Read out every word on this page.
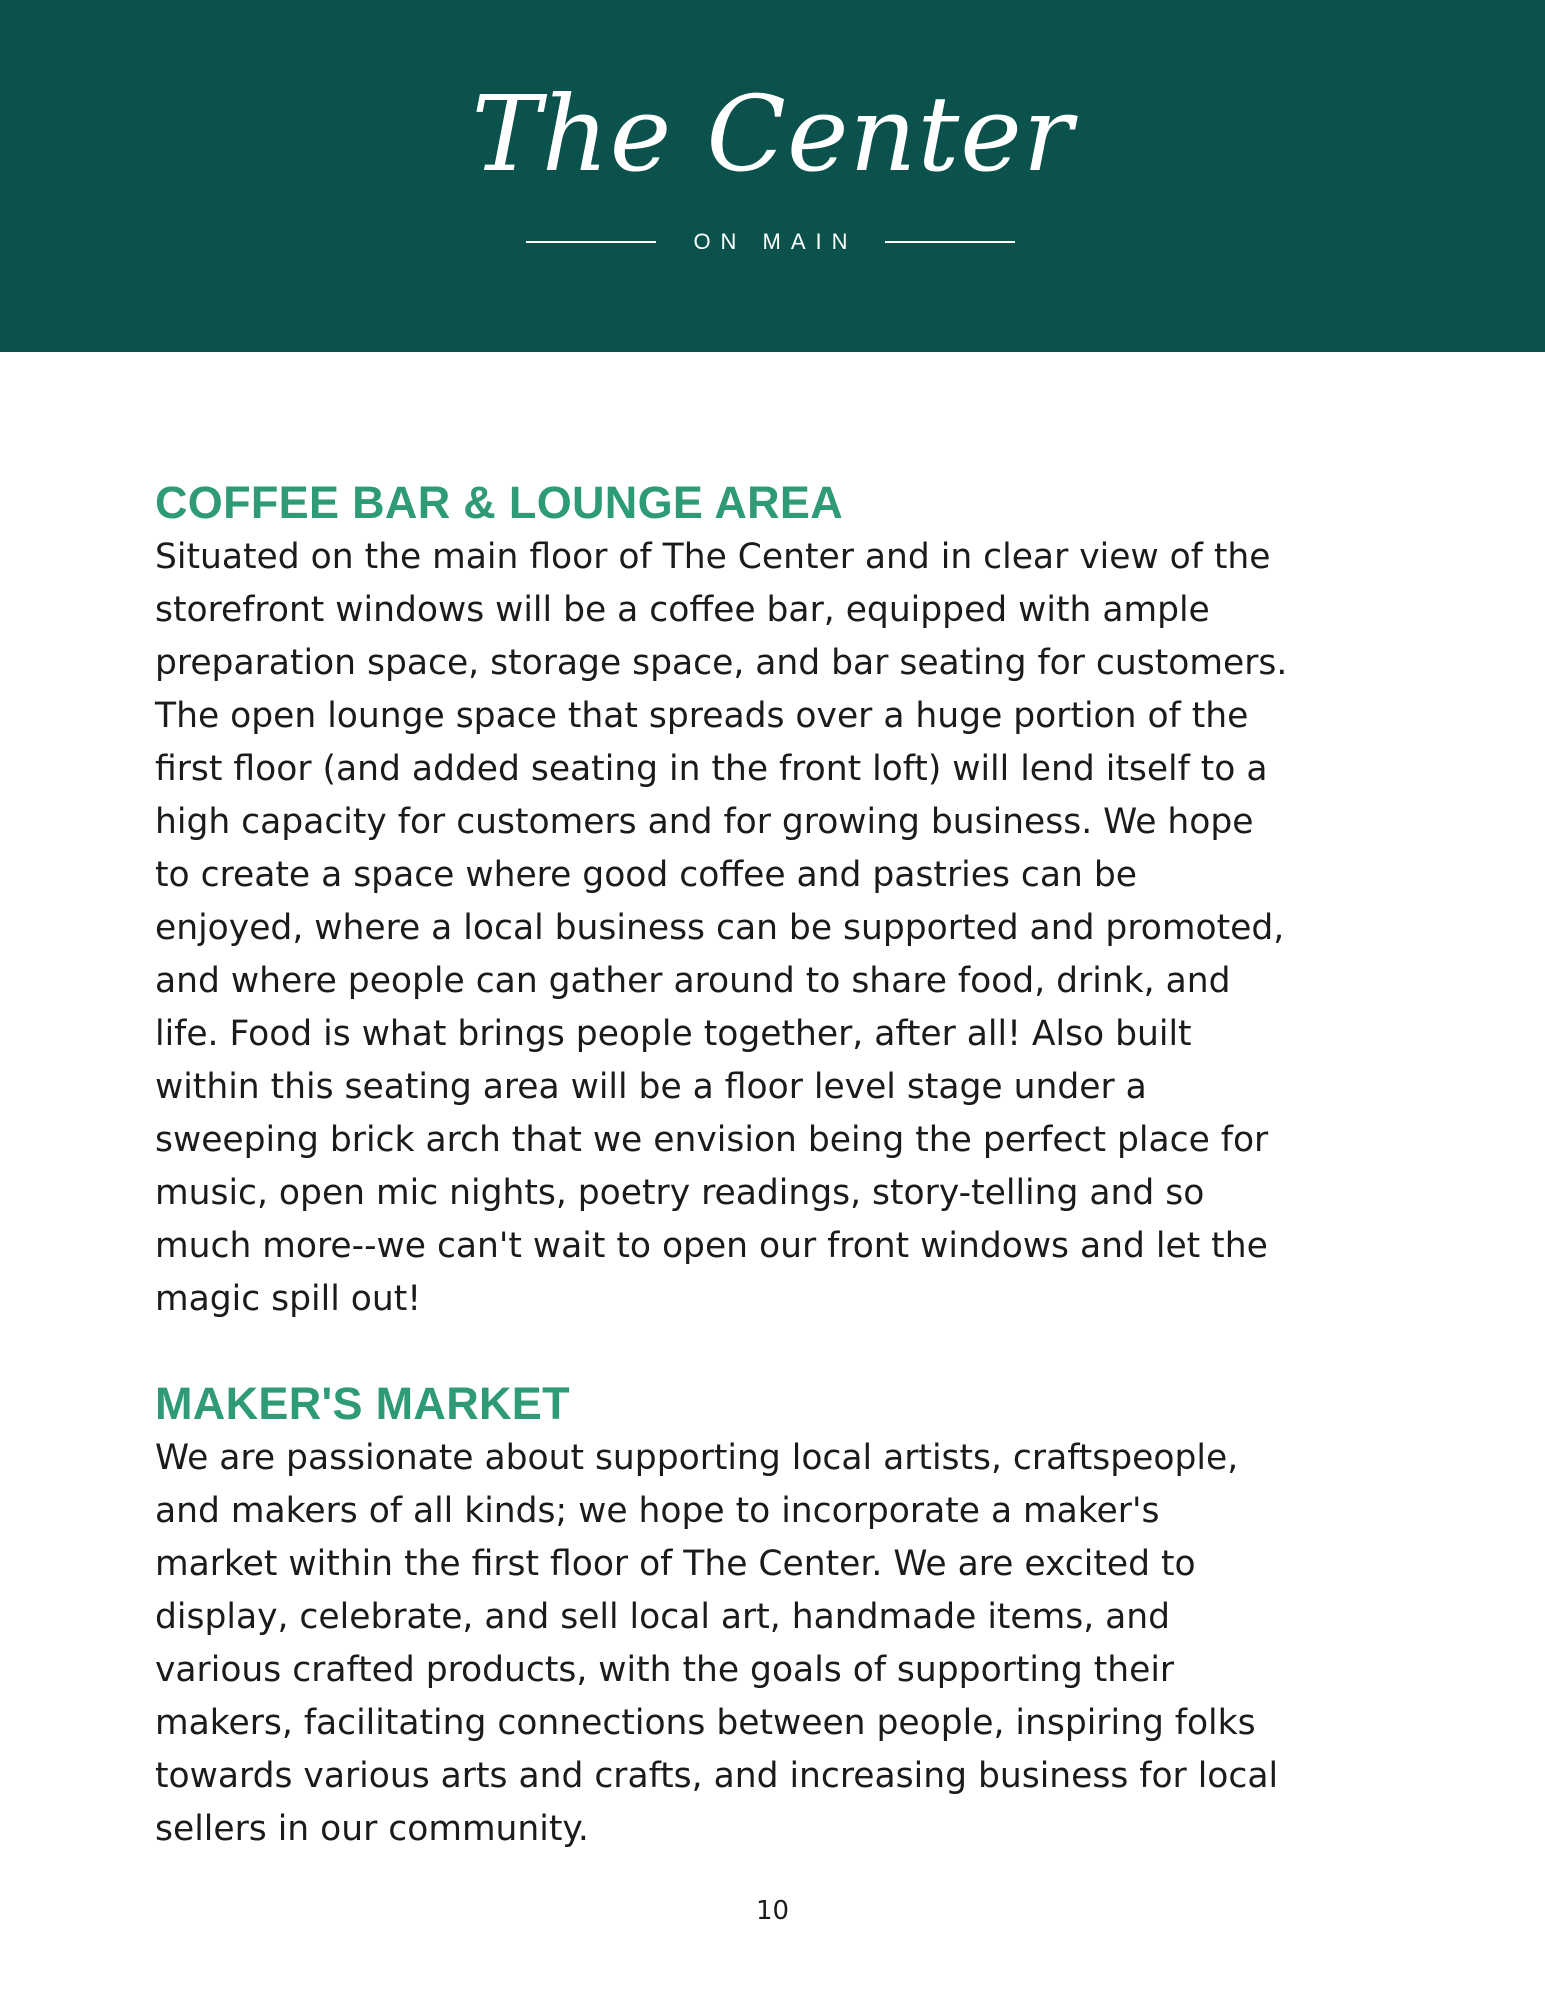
The Center
ON MAIN
COFFEE BAR & LOUNGE AREA

Situated on the main floor of The Center and in clear view of the
storefront windows will be a coffee bar, equipped with ample
preparation space, storage space, and bar seating for customers.
The open lounge space that spreads over a huge portion of the
first floor (and added seating in the front loft) will lend itself to a
high capacity for customers and for growing business. We hope
to create a space where good coffee and pastries can be
enjoyed, where a local business can be supported and promoted,
and where people can gather around to share food, drink, and
life. Food is what brings people together, after all! Also built
within this seating area will be a floor level stage under a
sweeping brick arch that we envision being the perfect place for
music, open mic nights, poetry readings, story-telling and so
much more--we can't wait to open our front windows and let the
magic spill out!

MAKER'S MARKET

We are passionate about supporting local artists, craftspeople,
and makers of all kinds; we hope to incorporate a maker's
market within the first floor of The Center. We are excited to
display, celebrate, and sell local art, handmade items, and
various crafted products, with the goals of supporting their
makers, facilitating connections between people, inspiring folks
towards various arts and crafts, and increasing business for local
sellers in our community.

10
